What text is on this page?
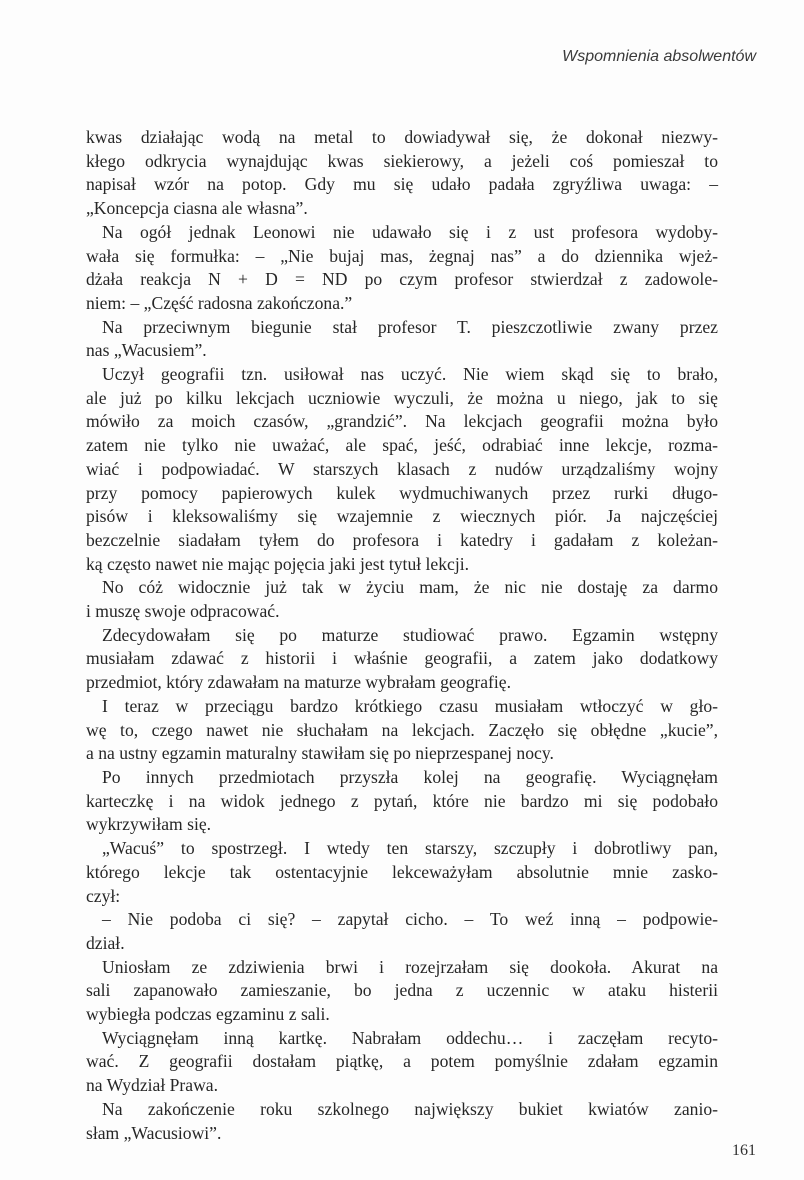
Wspomnienia absolwentów

kwas działając wodą na metal to dowiadywał się, że dokonał niezwy-
kłego odkrycia wynajdując kwas siekierowy, a jeżeli coś pomieszał to
napisał wzór na potop. Gdy mu się udało padała zgryźliwa uwaga: –
„Koncepcja ciasna ale własna”.
Na ogół jednak Leonowi nie udawało się i z ust profesora wydoby-
wała się formułka: – „Nie bujaj mas, żegnaj nas” a do dziennika wjeż-
dżała reakcja N + D = ND po czym profesor stwierdzał z zadowole-
niem: – „Część radosna zakończona.”
Na przeciwnym biegunie stał profesor T. pieszczotliwie zwany przez
nas „Wacusiem”.
Uczył geografii tzn. usiłował nas uczyć. Nie wiem skąd się to brało,
ale już po kilku lekcjach uczniowie wyczuli, że można u niego, jak to się
mówiło za moich czasów, „grandzić”. Na lekcjach geografii można było
zatem nie tylko nie uważać, ale spać, jeść, odrabiać inne lekcje, rozma-
wiać i podpowiadać. W starszych klasach z nudów urządzaliśmy wojny
przy pomocy papierowych kulek wydmuchiwanych przez rurki długo-
pisów i kleksowaliśmy się wzajemnie z wiecznych piór. Ja najczęściej
bezczelnie siadałam tyłem do profesora i katedry i gadałam z koleżan-
ką często nawet nie mając pojęcia jaki jest tytuł lekcji.
No cóż widocznie już tak w życiu mam, że nic nie dostaję za darmo
i muszę swoje odpracować.
Zdecydowałam się po maturze studiować prawo. Egzamin wstępny
musiałam zdawać z historii i właśnie geografii, a zatem jako dodatkowy
przedmiot, który zdawałam na maturze wybrałam geografię.
I teraz w przeciągu bardzo krótkiego czasu musiałam wtłoczyć w gło-
wę to, czego nawet nie słuchałam na lekcjach. Zaczęło się obłędne „kucie”,
a na ustny egzamin maturalny stawiłam się po nieprzespanej nocy.
Po innych przedmiotach przyszła kolej na geografię. Wyciągnęłam
karteczkę i na widok jednego z pytań, które nie bardzo mi się podobało
wykrzywiłam się.
„Wacuś” to spostrzegł. I wtedy ten starszy, szczupły i dobrotliwy pan,
którego lekcje tak ostentacyjnie lekceważyłam absolutnie mnie zasko-
czył:
– Nie podoba ci się? – zapytał cicho. – To weź inną – podpowie-
dział.
Uniosłam ze zdziwienia brwi i rozejrzałam się dookoła. Akurat na
sali zapanowało zamieszanie, bo jedna z uczennic w ataku histerii
wybiegła podczas egzaminu z sali.
Wyciągnęłam inną kartkę. Nabrałam oddechu… i zaczęłam recyto-
wać. Z geografii dostałam piątkę, a potem pomyślnie zdałam egzamin
na Wydział Prawa.
Na zakończenie roku szkolnego największy bukiet kwiatów zanio-
słam „Wacusiowi”.

161
